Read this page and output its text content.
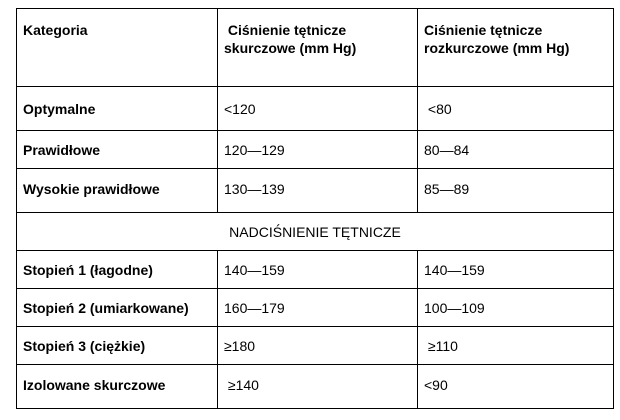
Kategoria	Ciśnienie tętnicze skurczowe (mm Hg)	Ciśnienie tętnicze rozkurczowe (mm Hg)
Optymalne	<120	<80
Prawidłowe	120—129	80—84
Wysokie prawidłowe	130—139	85—89
NADCIŚNIENIE TĘTNICZE		
Stopień 1 (łagodne)	140—159	140—159
Stopień 2 (umiarkowane)	160—179	100—109
Stopień 3 (ciężkie)	≥180	≥110
Izolowane skurczowe	≥140	<90
